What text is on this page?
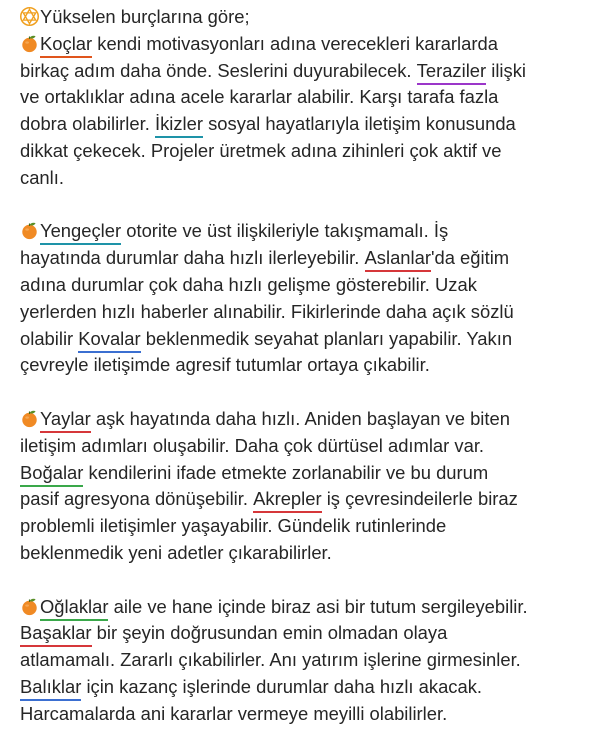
Yükselen burçlarına göre;
Koçlar kendi motivasyonları adına verecekleri kararlarda
birkaç adım daha önde. Seslerini duyurabilecek. Teraziler ilişki
ve ortaklıklar adına acele kararlar alabilir. Karşı tarafa fazla
dobra olabilirler. İkizler sosyal hayatlarıyla iletişim konusunda
dikkat çekecek. Projeler üretmek adına zihinleri çok aktif ve
canlı.
Yengeçler otorite ve üst ilişkileriyle takışmamalı. İş
hayatında durumlar daha hızlı ilerleyebilir. Aslanlar'da eğitim
adına durumlar çok daha hızlı gelişme gösterebilir. Uzak
yerlerden hızlı haberler alınabilir. Fikirlerinde daha açık sözlü
olabilir Kovalar beklenmedik seyahat planları yapabilir. Yakın
çevreyle iletişimde agresif tutumlar ortaya çıkabilir.
Yaylar aşk hayatında daha hızlı. Aniden başlayan ve biten
iletişim adımları oluşabilir. Daha çok dürtüsel adımlar var.
Boğalar kendilerini ifade etmekte zorlanabilir ve bu durum
pasif agresyona dönüşebilir. Akrepler iş çevresindeilerle biraz
problemli iletişimler yaşayabilir. Gündelik rutinlerinde
beklenmedik yeni adetler çıkarabilirler.
Oğlaklar aile ve hane içinde biraz asi bir tutum sergileyebilir.
Başaklar bir şeyin doğrusundan emin olmadan olaya
atlamamalı. Zararlı çıkabilirler. Anı yatırım işlerine girmesinler.
Balıklar için kazanç işlerinde durumlar daha hızlı akacak.
Harcamalarda ani kararlar vermeye meyilli olabilirler.
